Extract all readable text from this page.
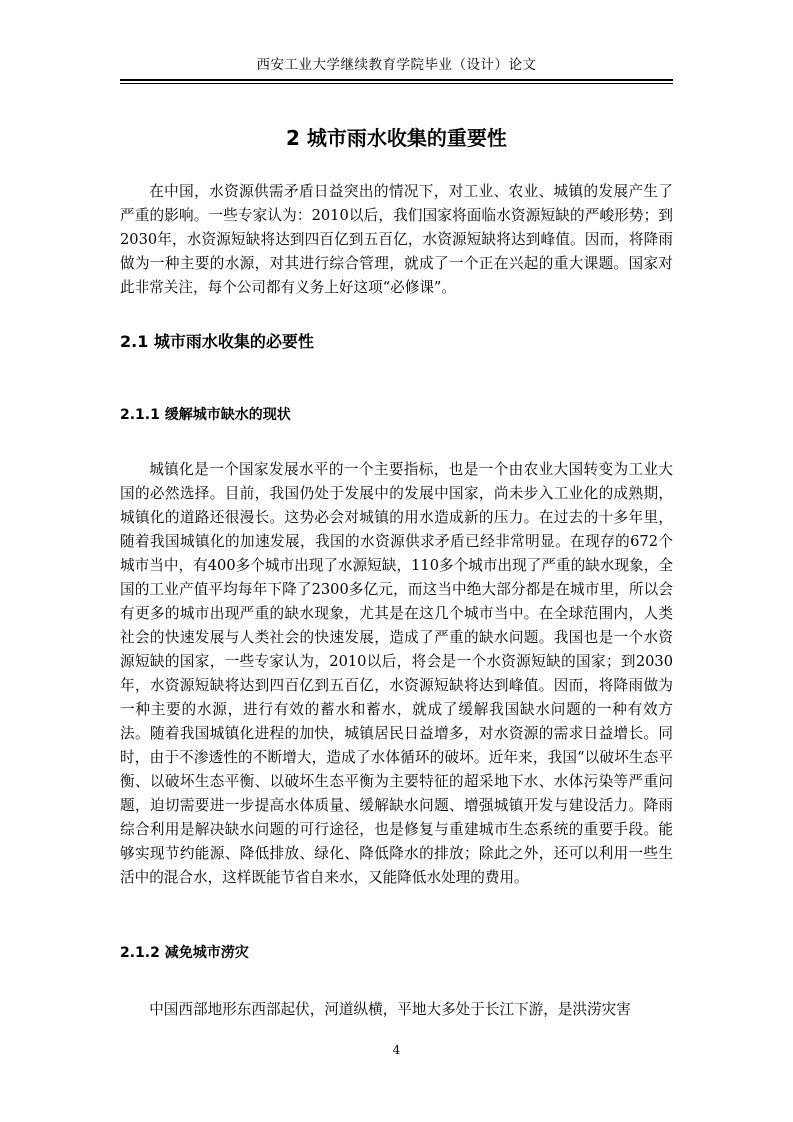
西安工业大学继续教育学院毕业（设计）论文
2 城市雨水收集的重要性

在中国，水资源供需矛盾日益突出的情况下，对工业、农业、城镇的发展产生了严重的影响。一些专家认为：2010以后，我们国家将面临水资源短缺的严峻形势；到2030年，水资源短缺将达到四百亿到五百亿，水资源短缺将达到峰值。因而，将降雨做为一种主要的水源，对其进行综合管理，就成了一个正在兴起的重大课题。国家对此非常关注，每个公司都有义务上好这项“必修课”。

2.1 城市雨水收集的必要性
2.1.1 缓解城市缺水的现状

城镇化是一个国家发展水平的一个主要指标，也是一个由农业大国转变为工业大国的必然选择。目前，我国仍处于发展中的发展中国家，尚未步入工业化的成熟期，城镇化的道路还很漫长。这势必会对城镇的用水造成新的压力。在过去的十多年里，随着我国城镇化的加速发展，我国的水资源供求矛盾已经非常明显。在现存的672个城市当中，有400多个城市出现了水源短缺，110多个城市出现了严重的缺水现象，全国的工业产值平均每年下降了2300多亿元，而这当中绝大部分都是在城市里，所以会有更多的城市出现严重的缺水现象，尤其是在这几个城市当中。在全球范围内，人类社会的快速发展与人类社会的快速发展，造成了严重的缺水问题。我国也是一个水资源短缺的国家，一些专家认为，2010以后，将会是一个水资源短缺的国家；到2030年，水资源短缺将达到四百亿到五百亿，水资源短缺将达到峰值。因而，将降雨做为一种主要的水源，进行有效的蓄水和蓄水，就成了缓解我国缺水问题的一种有效方法。随着我国城镇化进程的加快，城镇居民日益增多，对水资源的需求日益增长。同时，由于不渗透性的不断增大，造成了水体循环的破坏。近年来，我国“以破坏生态平衡、以破坏生态平衡、以破坏生态平衡为主要特征的超采地下水、水体污染等严重问题，迫切需要进一步提高水体质量、缓解缺水问题、增强城镇开发与建设活力。降雨综合利用是解决缺水问题的可行途径，也是修复与重建城市生态系统的重要手段。能够实现节约能源、降低排放、绿化、降低降水的排放；除此之外，还可以利用一些生活中的混合水，这样既能节省自来水，又能降低水处理的费用。

2.1.2 减免城市涝灾

中国西部地形东西部起伏，河道纵横，平地大多处于长江下游，是洪涝灾害

4
